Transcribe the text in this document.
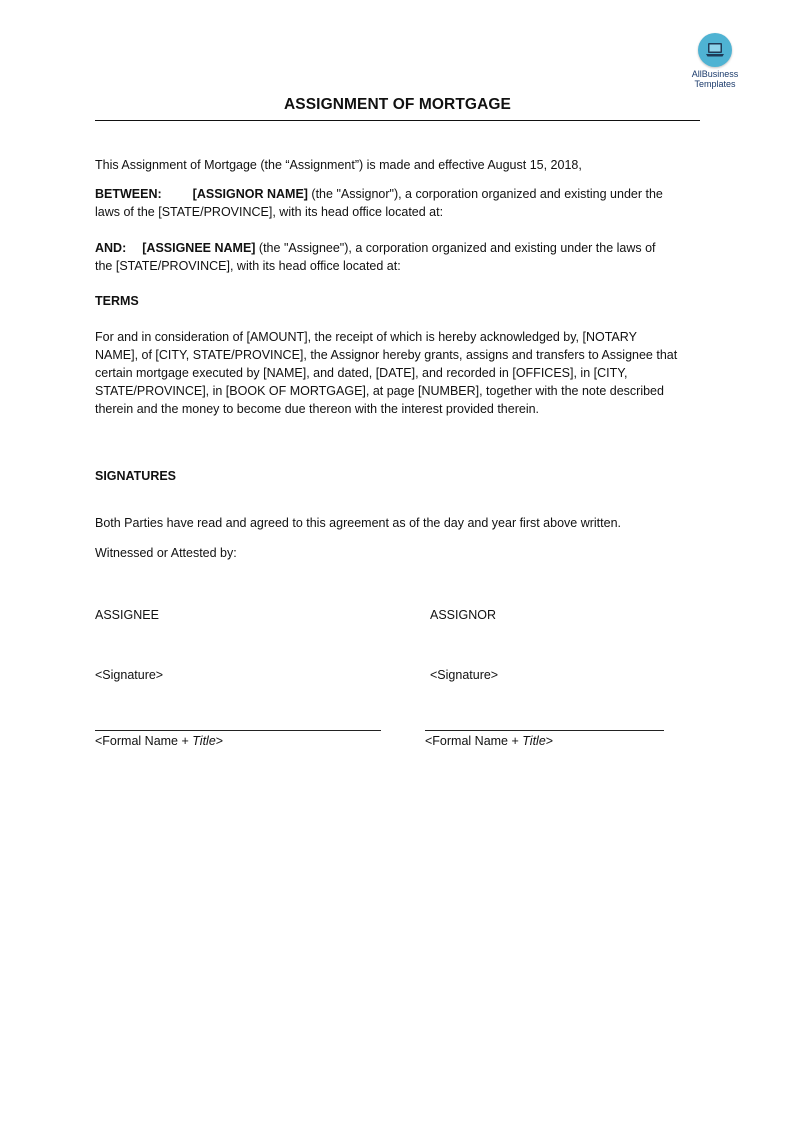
AllBusiness
Templates
ASSIGNMENT OF MORTGAGE

This Assignment of Mortgage (the “Assignment”) is made and effective August 15, 2018,

BETWEEN: [ASSIGNOR NAME] (the "Assignor"), a corporation organized and existing under the
laws of the [STATE/PROVINCE], with its head office located at:

AND: [ASSIGNEE NAME] (the "Assignee"), a corporation organized and existing under the laws of
the [STATE/PROVINCE], with its head office located at:

TERMS

For and in consideration of [AMOUNT], the receipt of which is hereby acknowledged by, [NOTARY
NAME], of [CITY, STATE/PROVINCE], the Assignor hereby grants, assigns and transfers to Assignee that
certain mortgage executed by [NAME], and dated, [DATE], and recorded in [OFFICES], in [CITY,
STATE/PROVINCE], in [BOOK OF MORTGAGE], at page [NUMBER], together with the note described
therein and the money to become due thereon with the interest provided therein.

SIGNATURES

Both Parties have read and agreed to this agreement as of the day and year first above written.

Witnessed or Attested by:

ASSIGNEE
<Signature>
<Formal Name + Title>
ASSIGNOR
<Signature>
<Formal Name + Title>
